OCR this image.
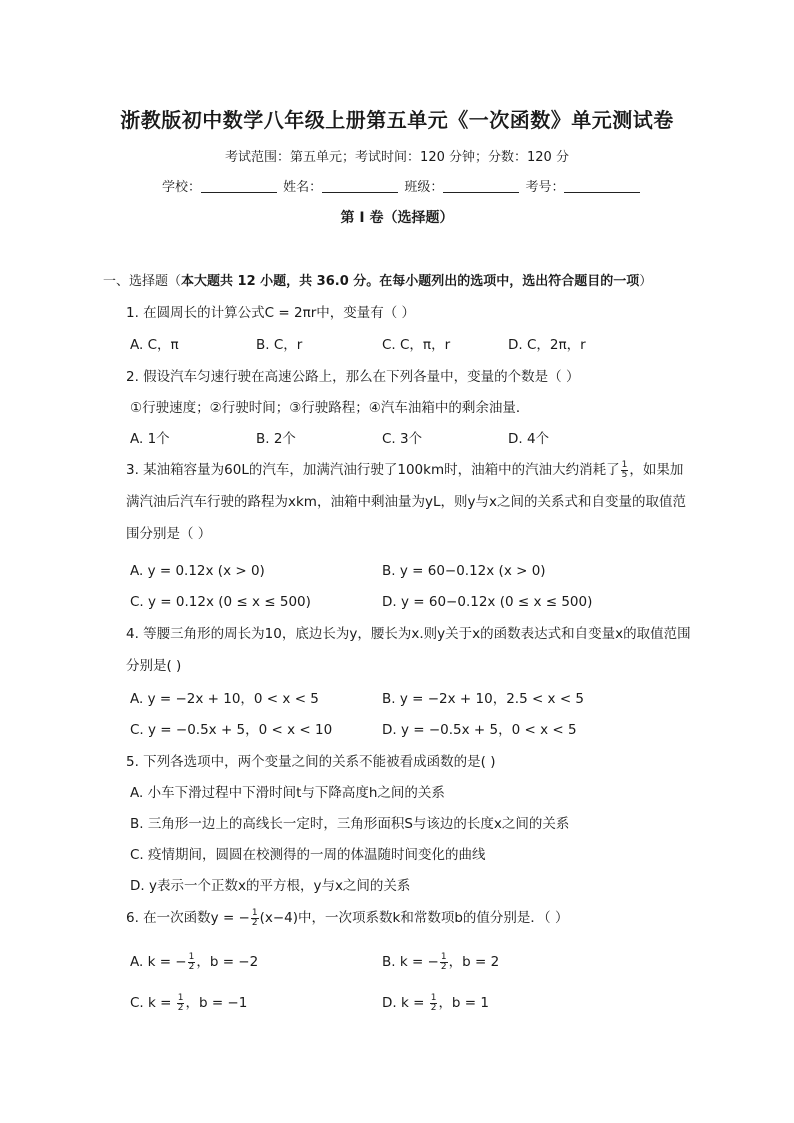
浙教版初中数学八年级上册第五单元《一次函数》单元测试卷
考试范围：第五单元；考试时间：120 分钟；分数：120 分
学校：	姓名：	班级：	考号：
第 I 卷（选择题）
一、选择题（本大题共 12 小题，共 36.0 分。在每小题列出的选项中，选出符合题目的一项）
1. 在圆周长的计算公式C = 2πr中，变量有（ ）
A. C，π	B. C，r	C. C，π，r	D. C，2π，r
2. 假设汽车匀速行驶在高速公路上，那么在下列各量中，变量的个数是（ ）
①行驶速度；②行驶时间；③行驶路程；④汽车油箱中的剩余油量．
A. 1个	B. 2个	C. 3个	D. 4个
3. 某油箱容量为60L的汽车，加满汽油行驶了100km时，油箱中的汽油大约消耗了 $\frac{1}{5}$ ，如果加满汽油后汽车行驶的路程为xkm，油箱中剩油量为yL，则y与x之间的关系式和自变量的取值范围分别是（ ）
A. y = 0.12x (x > 0)	B. y = 60−0.12x (x > 0)
C. y = 0.12x (0 ≤ x ≤ 500)	D. y = 60−0.12x (0 ≤ x ≤ 500)
4. 等腰三角形的周长为10，底边长为y，腰长为x.则y关于x的函数表达式和自变量x的取值范围分别是( )
A. y = −2x + 10，0 < x < 5	B. y = −2x + 10，2.5 < x < 5
C. y = −0.5x + 5，0 < x < 10	D. y = −0.5x + 5，0 < x < 5
5. 下列各选项中，两个变量之间的关系不能被看成函数的是( )
A. 小车下滑过程中下滑时间t与下降高度h之间的关系
B. 三角形一边上的高线长一定时，三角形面积S与该边的长度x之间的关系
C. 疫情期间，圆圆在校测得的一周的体温随时间变化的曲线
D. y表示一个正数x的平方根，y与x之间的关系
6. 在一次函数y = − $\frac{1}{2} (x-4)$中，一次项系数k和常数项b的值分别是．（ ）
A. k = − $\frac{1}{2}$ ，b = −2	B. k = − $\frac{1}{2}$ ，b = 2
C. $k = \frac{1}{2}$ ，b = −1	D. $k = \frac{1}{2}$ ，b = 1
